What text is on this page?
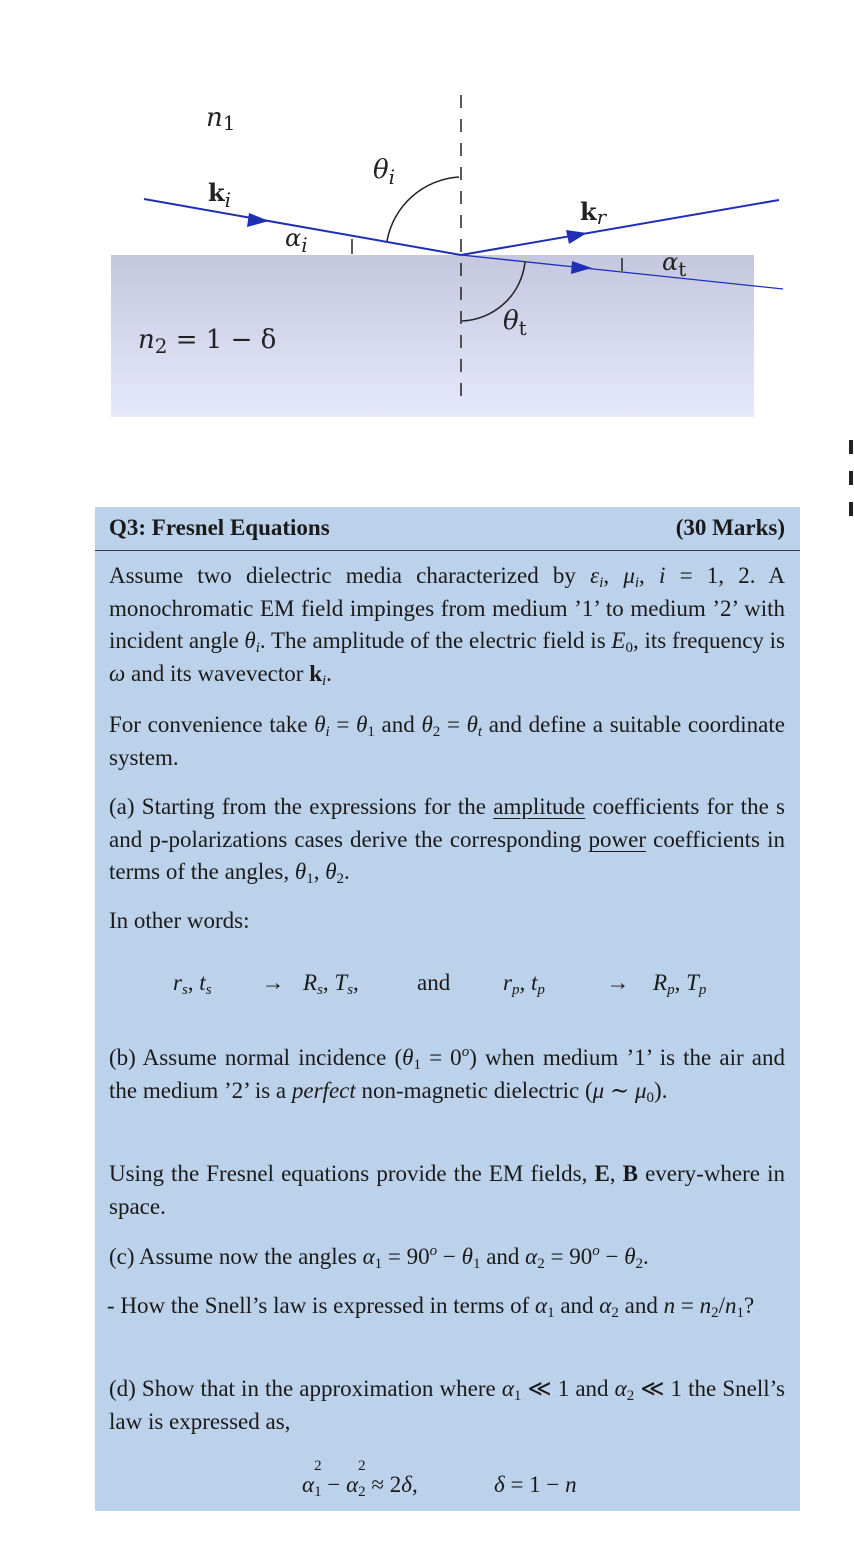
n1
$\theta_i$
$k_i$	kr
$\alpha_i$
$\alpha_t$
$\theta_t$
n2 = 1 − δ
Q3: Fresnel Equations	(30 Marks)
Assume two dielectric media characterized by $\varepsilon_i$, $\mu_i$, i = 1, 2. A monochromatic EM field impinges from medium ’1’ to medium ’2’ with incident angle $\theta_i$. The amplitude of the electric field is $E_0$, its frequency is ω and its wavevector $k_i$.
For convenience take $\theta_i = \theta_1$ and $\theta_2 = \theta_t$ and define a suitable coordinate system.
(a) Starting from the expressions for the amplitude coefficients for the s and p-polarizations cases derive the corresponding power coefficients in terms of the angles, $\theta_1$, $\theta_2$.
In other words:
$r_s$, $t_s \to R_s$, $T_s$,	and $r_p$, $t_p$	→ $R_p$, $T_p$
(b) Assume normal incidence $(\theta_1 = 0^o)$ when medium ’1’ is the air and the medium ’2’ is a perfect non-magnetic dielectric (μ ∼ $\mu_0$).
Using the Fresnel equations provide the EM fields, E, B every-where in space.
(c) Assume now the angles $\alpha_1 = 90^o - \theta_1$ and $\alpha_2 = 90^o - \theta_2$.
- How the Snell’s law is expressed in terms of $\alpha_1$ and $\alpha_2$ and $n = n_2/n_1$?
(d) Show that in the approximation where $\alpha_1$ ≪ 1 and $\alpha_2$ ≪ 1 the Snell’s law is expressed as,
α
$_{2 1}$ − α
$_{2 2}$ ≈ 2δ,	δ = 1 − n
